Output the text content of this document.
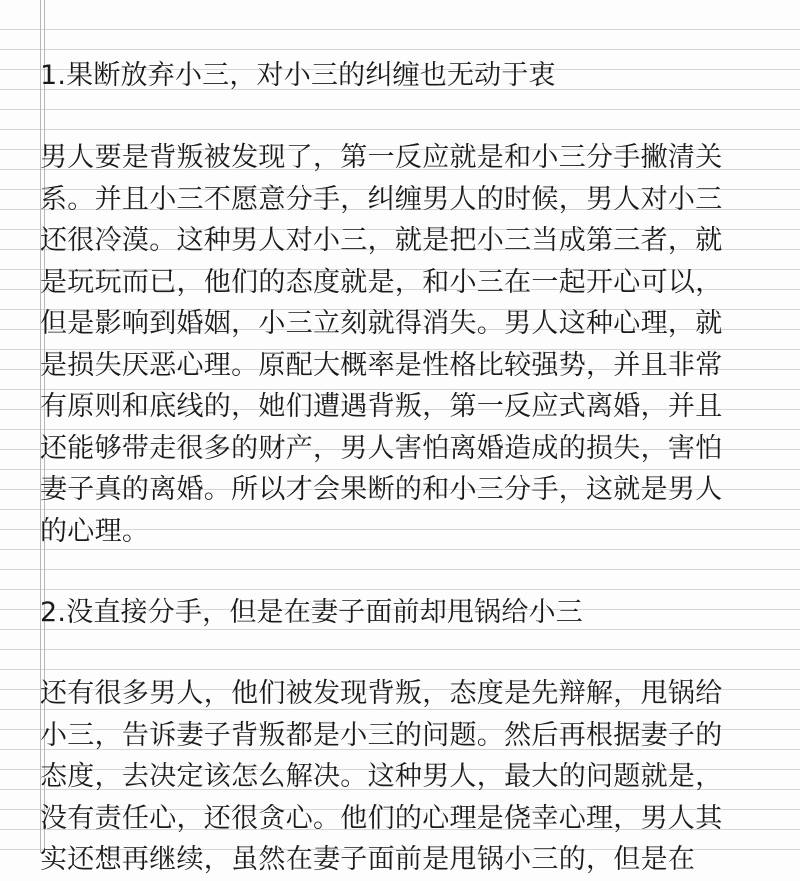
1.果断放弃小三，对小三的纠缠也无动于衷
男人要是背叛被发现了，第一反应就是和小三分手撇清关
系。并且小三不愿意分手，纠缠男人的时候，男人对小三
还很冷漠。这种男人对小三，就是把小三当成第三者，就
是玩玩而已，他们的态度就是，和小三在一起开心可以，
但是影响到婚姻，小三立刻就得消失。男人这种心理，就
是损失厌恶心理。原配大概率是性格比较强势，并且非常
有原则和底线的，她们遭遇背叛，第一反应式离婚，并且
还能够带走很多的财产，男人害怕离婚造成的损失，害怕
妻子真的离婚。所以才会果断的和小三分手，这就是男人
的心理。
2.没直接分手，但是在妻子面前却甩锅给小三
还有很多男人，他们被发现背叛，态度是先辩解，甩锅给
小三，告诉妻子背叛都是小三的问题。然后再根据妻子的
态度，去决定该怎么解决。这种男人，最大的问题就是，
没有责任心，还很贪心。他们的心理是侥幸心理，男人其
实还想再继续，虽然在妻子面前是甩锅小三的，但是在
